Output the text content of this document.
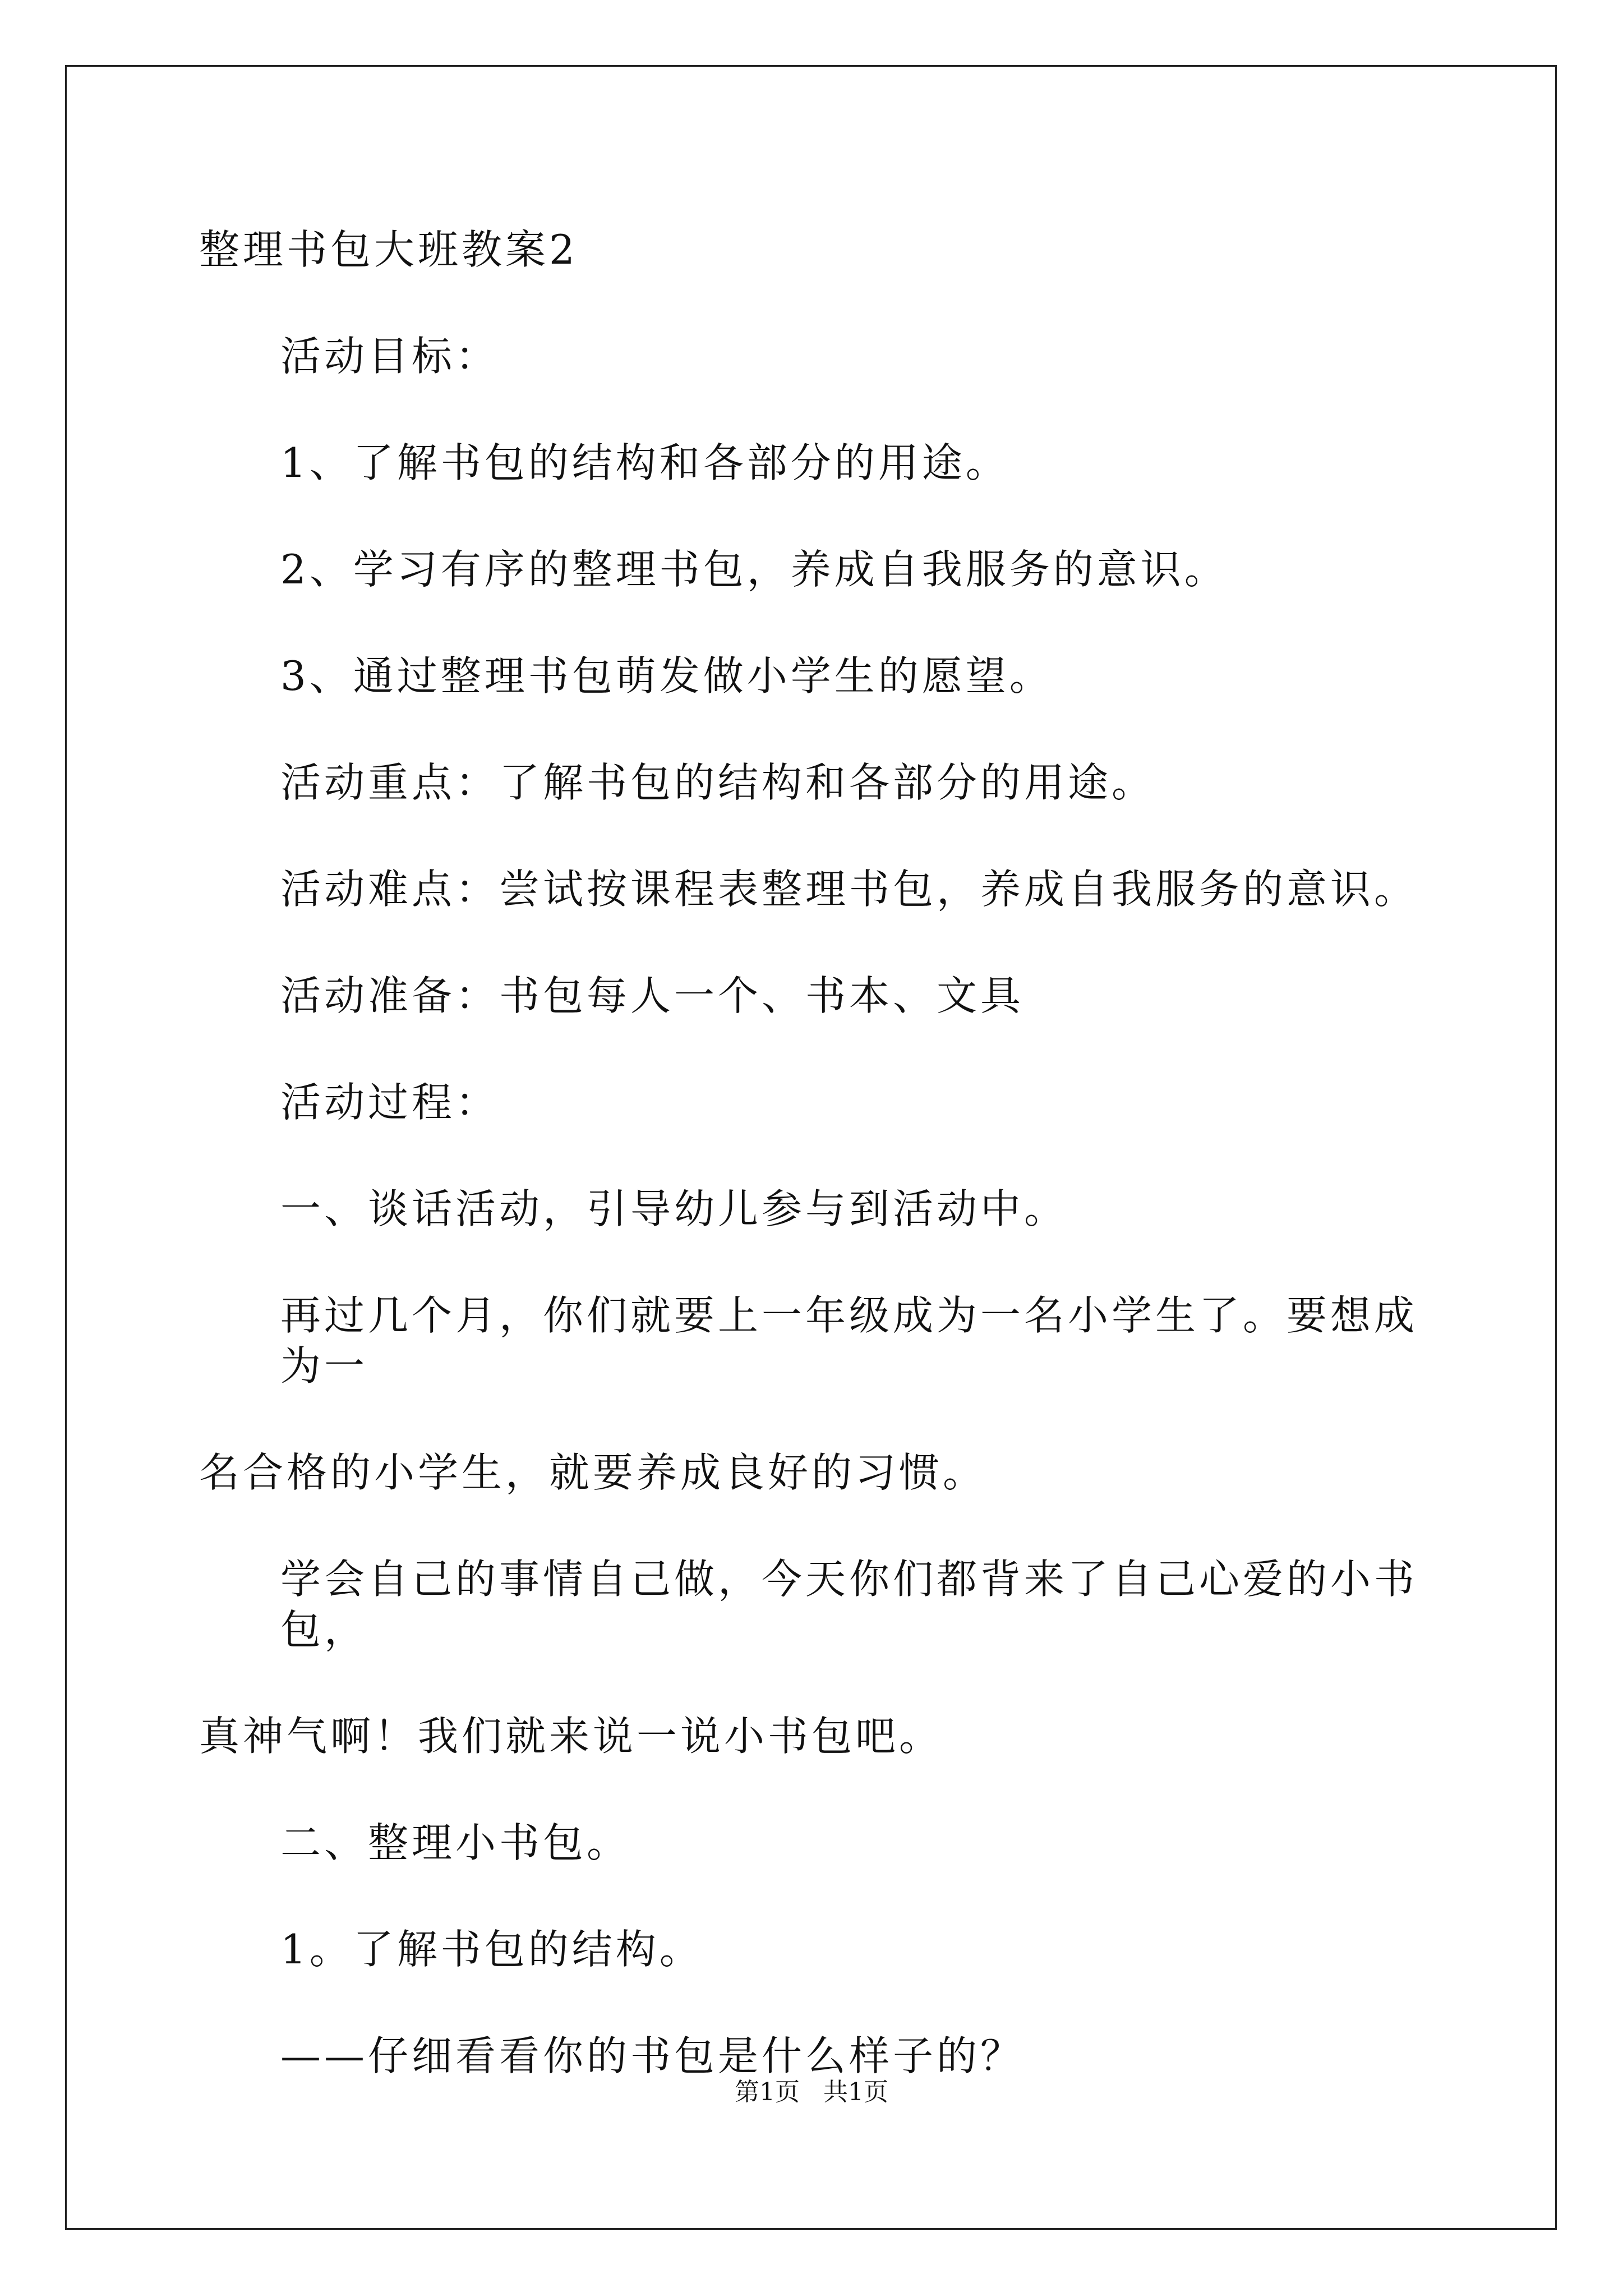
整理书包大班教案2
活动目标：
1、了解书包的结构和各部分的用途。
2、学习有序的整理书包，养成自我服务的意识。
3、通过整理书包萌发做小学生的愿望。
活动重点：了解书包的结构和各部分的用途。
活动难点：尝试按课程表整理书包，养成自我服务的意识。
活动准备：书包每人一个、书本、文具
活动过程：
一、谈话活动，引导幼儿参与到活动中。
再过几个月，你们就要上一年级成为一名小学生了。要想成为一
名合格的小学生，就要养成良好的习惯。
学会自己的事情自己做，今天你们都背来了自己心爱的小书包，
真神气啊！我们就来说一说小书包吧。
二、整理小书包。
1。了解书包的结构。
——仔细看看你的书包是什么样子的？
第1页 共1页
